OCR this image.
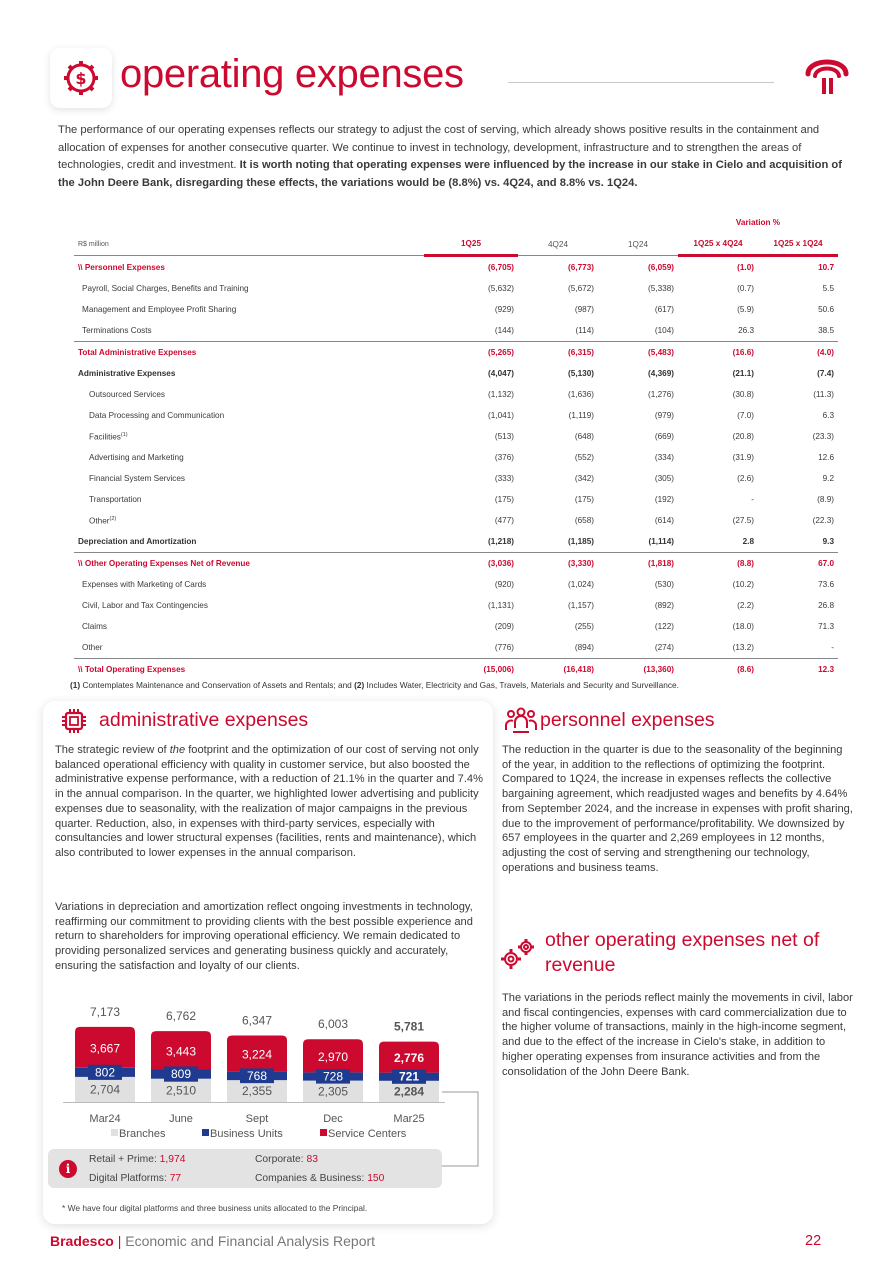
$ operating expenses
The performance of our operating expenses reflects our strategy to adjust the cost of serving, which already shows positive results in the containment and allocation of expenses for another consecutive quarter. We continue to invest in technology, development, infrastructure and to strengthen the areas of technologies, credit and investment. It is worth noting that operating expenses were influenced by the increase in our stake in Cielo and acquisition of the John Deere Bank, disregarding these effects, the variations would be (8.8%) vs. 4Q24, and 8.8% vs. 1Q24.
				Variation %	
R$ million	1Q25	4Q24	1Q24	1Q25 x 4Q24	1Q25 x 1Q24
\\ Personnel Expenses	(6,705)	(6,773)	(6,059)	(1.0)	10.7
Payroll, Social Charges, Benefits and Training	(5,632)	(5,672)	(5,338)	(0.7)	5.5
Management and Employee Profit Sharing	(929)	(987)	(617)	(5.9)	50.6
Terminations Costs	(144)	(114)	(104)	26.3	38.5
Total Administrative Expenses	(5,265)	(6,315)	(5,483)	(16.6)	(4.0)
Administrative Expenses	(4,047)	(5,130)	(4,369)	(21.1)	(7.4)
Outsourced Services	(1,132)	(1,636)	(1,276)	(30.8)	(11.3)
Data Processing and Communication	(1,041)	(1,119)	(979)	(7.0)	6.3
Facilities$^{(1)}$	(513)	(648)	(669)	(20.8)	(23.3)
Advertising and Marketing	(376)	(552)	(334)	(31.9)	12.6
Financial System Services	(333)	(342)	(305)	(2.6)	9.2
Transportation	(175)	(175)	(192)	-	(8.9)
Other$^{(2)}$	(477)	(658)	(614)	(27.5)	(22.3)
Depreciation and Amortization	(1,218)	(1,185)	(1,114)	2.8	9.3
\\ Other Operating Expenses Net of Revenue	(3,036)	(3,330)	(1,818)	(8.8)	67.0
Expenses with Marketing of Cards	(920)	(1,024)	(530)	(10.2)	73.6
Civil, Labor and Tax Contingencies	(1,131)	(1,157)	(892)	(2.2)	26.8
Claims	(209)	(255)	(122)	(18.0)	71.3
Other	(776)	(894)	(274)	(13.2)	-
\\ Total Operating Expenses	(15,006)	(16,418)	(13,360)	(8.6)	12.3
(1) Contemplates Maintenance and Conservation of Assets and Rentals; and (2) Includes Water, Electricity and Gas, Travels, Materials and Security and Surveillance.
administrative expenses
The strategic review of the footprint and the optimization of our cost of serving not only balanced operational efficiency with quality in customer service, but also boosted the administrative expense performance, with a reduction of 21.1% in the quarter and 7.4% in the annual comparison. In the quarter, we highlighted lower advertising and publicity expenses due to seasonality, with the realization of major campaigns in the previous quarter. Reduction, also, in expenses with third-party services, especially with consultancies and lower structural expenses (facilities, rents and maintenance), which also contributed to lower expenses in the annual comparison.
Variations in depreciation and amortization reflect ongoing investments in technology, reaffirming our commitment to providing clients with the best possible experience and return to shareholders for improving operational efficiency. We remain dedicated to providing personalized services and generating business quickly and accurately, ensuring the satisfaction and loyalty of our clients.
2,704
802
3,667
7,173
Mar24
2,510
809
3,443
6,762
June
2,355
768
3,224
6,347
Sept
2,305
728
2,970
6,003
Dec
2,284
721
2,776
5,781
Mar25
Branches	Business Units	Service Centers
i
Retail + Prime: 1,974	Corporate: 83
Digital Platforms: 77	Companies & Business: 150
* We have four digital platforms and three business units allocated to the Principal.
personnel expenses
The reduction in the quarter is due to the seasonality of the beginning of the year, in addition to the reflections of optimizing the footprint. Compared to 1Q24, the increase in expenses reflects the collective bargaining agreement, which readjusted wages and benefits by 4.64% from September 2024, and the increase in expenses with profit sharing, due to the improvement of performance/profitability. We downsized by 657 employees in the quarter and 2,269 employees in 12 months, adjusting the cost of serving and strengthening our technology, operations and business teams.
other operating expenses net of revenue
The variations in the periods reflect mainly the movements in civil, labor and fiscal contingencies, expenses with card commercialization due to the higher volume of transactions, mainly in the high-income segment, and due to the effect of the increase in Cielo's stake, in addition to higher operating expenses from insurance activities and from the consolidation of the John Deere Bank.
Bradesco | Economic and Financial Analysis Report	22
